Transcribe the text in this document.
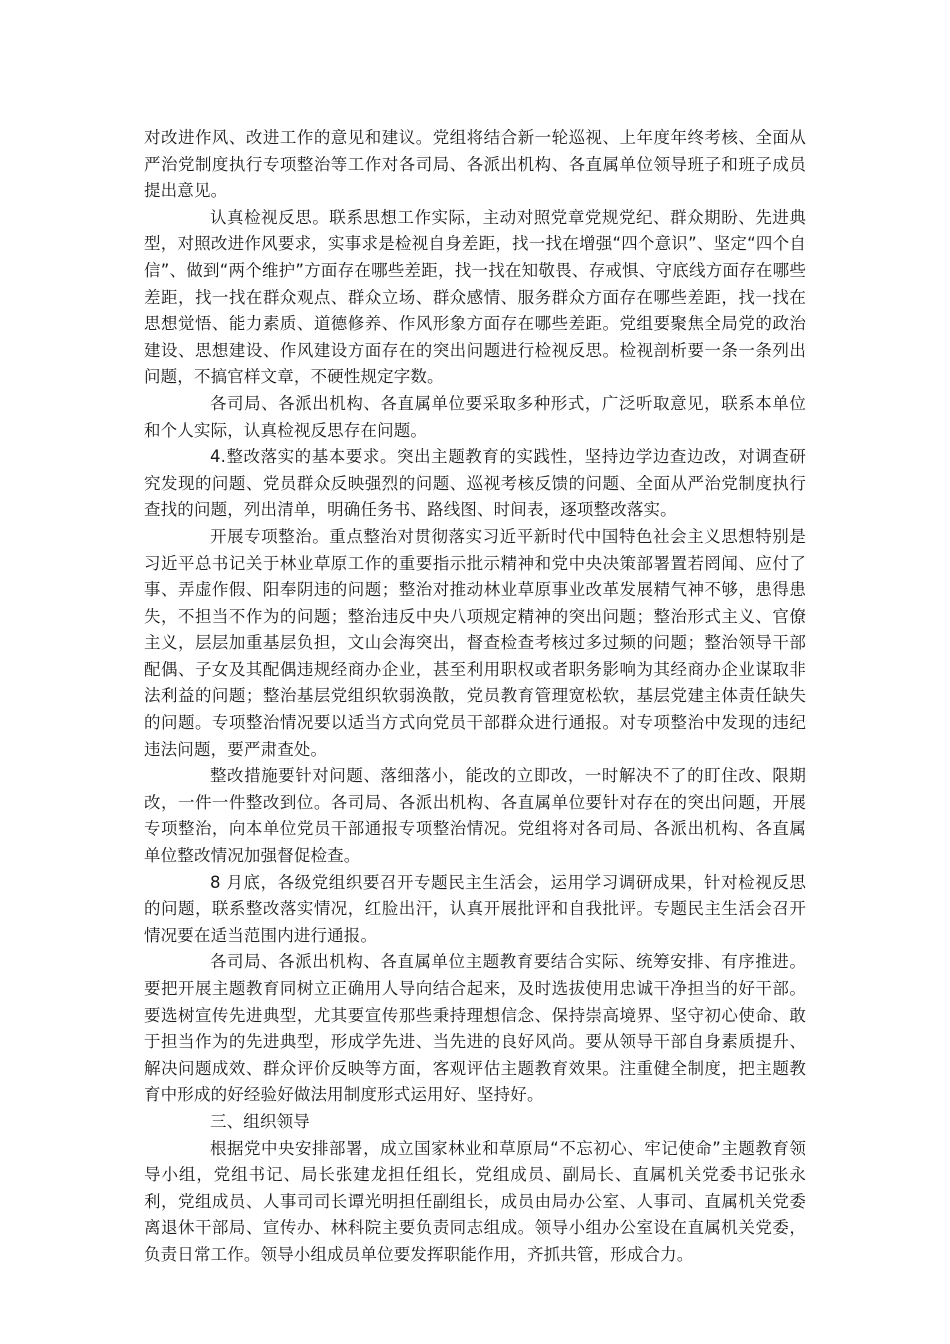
对改进作风、改进工作的意见和建议。党组将结合新一轮巡视、上年度年终考核、全面从严治党制度执行专项整治等工作对各司局、各派出机构、各直属单位领导班子和班子成员提出意见。

认真检视反思。联系思想工作实际，主动对照党章党规党纪、群众期盼、先进典型，对照改进作风要求，实事求是检视自身差距，找一找在增强“四个意识”、坚定“四个自信”、做到“两个维护”方面存在哪些差距，找一找在知敬畏、存戒惧、守底线方面存在哪些差距，找一找在群众观点、群众立场、群众感情、服务群众方面存在哪些差距，找一找在思想觉悟、能力素质、道德修养、作风形象方面存在哪些差距。党组要聚焦全局党的政治建设、思想建设、作风建设方面存在的突出问题进行检视反思。检视剖析要一条一条列出问题，不搞官样文章，不硬性规定字数。

各司局、各派出机构、各直属单位要采取多种形式，广泛听取意见，联系本单位和个人实际，认真检视反思存在问题。

4.整改落实的基本要求。突出主题教育的实践性，坚持边学边查边改，对调查研究发现的问题、党员群众反映强烈的问题、巡视考核反馈的问题、全面从严治党制度执行查找的问题，列出清单，明确任务书、路线图、时间表，逐项整改落实。

开展专项整治。重点整治对贯彻落实习近平新时代中国特色社会主义思想特别是习近平总书记关于林业草原工作的重要指示批示精神和党中央决策部署置若罔闻、应付了事、弄虚作假、阳奉阴违的问题；整治对推动林业草原事业改革发展精气神不够，患得患失，不担当不作为的问题；整治违反中央八项规定精神的突出问题；整治形式主义、官僚主义，层层加重基层负担，文山会海突出，督查检查考核过多过频的问题；整治领导干部配偶、子女及其配偶违规经商办企业，甚至利用职权或者职务影响为其经商办企业谋取非法利益的问题；整治基层党组织软弱涣散，党员教育管理宽松软，基层党建主体责任缺失的问题。专项整治情况要以适当方式向党员干部群众进行通报。对专项整治中发现的违纪违法问题，要严肃查处。

整改措施要针对问题、落细落小，能改的立即改，一时解决不了的盯住改、限期改，一件一件整改到位。各司局、各派出机构、各直属单位要针对存在的突出问题，开展专项整治，向本单位党员干部通报专项整治情况。党组将对各司局、各派出机构、各直属单位整改情况加强督促检查。

8 月底，各级党组织要召开专题民主生活会，运用学习调研成果，针对检视反思的问题，联系整改落实情况，红脸出汗，认真开展批评和自我批评。专题民主生活会召开情况要在适当范围内进行通报。

各司局、各派出机构、各直属单位主题教育要结合实际、统筹安排、有序推进。要把开展主题教育同树立正确用人导向结合起来，及时选拔使用忠诚干净担当的好干部。要选树宣传先进典型，尤其要宣传那些秉持理想信念、保持崇高境界、坚守初心使命、敢于担当作为的先进典型，形成学先进、当先进的良好风尚。要从领导干部自身素质提升、解决问题成效、群众评价反映等方面，客观评估主题教育效果。注重健全制度，把主题教育中形成的好经验好做法用制度形式运用好、坚持好。

三、组织领导

根据党中央安排部署，成立国家林业和草原局“不忘初心、牢记使命”主题教育领导小组，党组书记、局长张建龙担任组长，党组成员、副局长、直属机关党委书记张永利，党组成员、人事司司长谭光明担任副组长，成员由局办公室、人事司、直属机关党委离退休干部局、宣传办、林科院主要负责同志组成。领导小组办公室设在直属机关党委，负责日常工作。领导小组成员单位要发挥职能作用，齐抓共管，形成合力。
